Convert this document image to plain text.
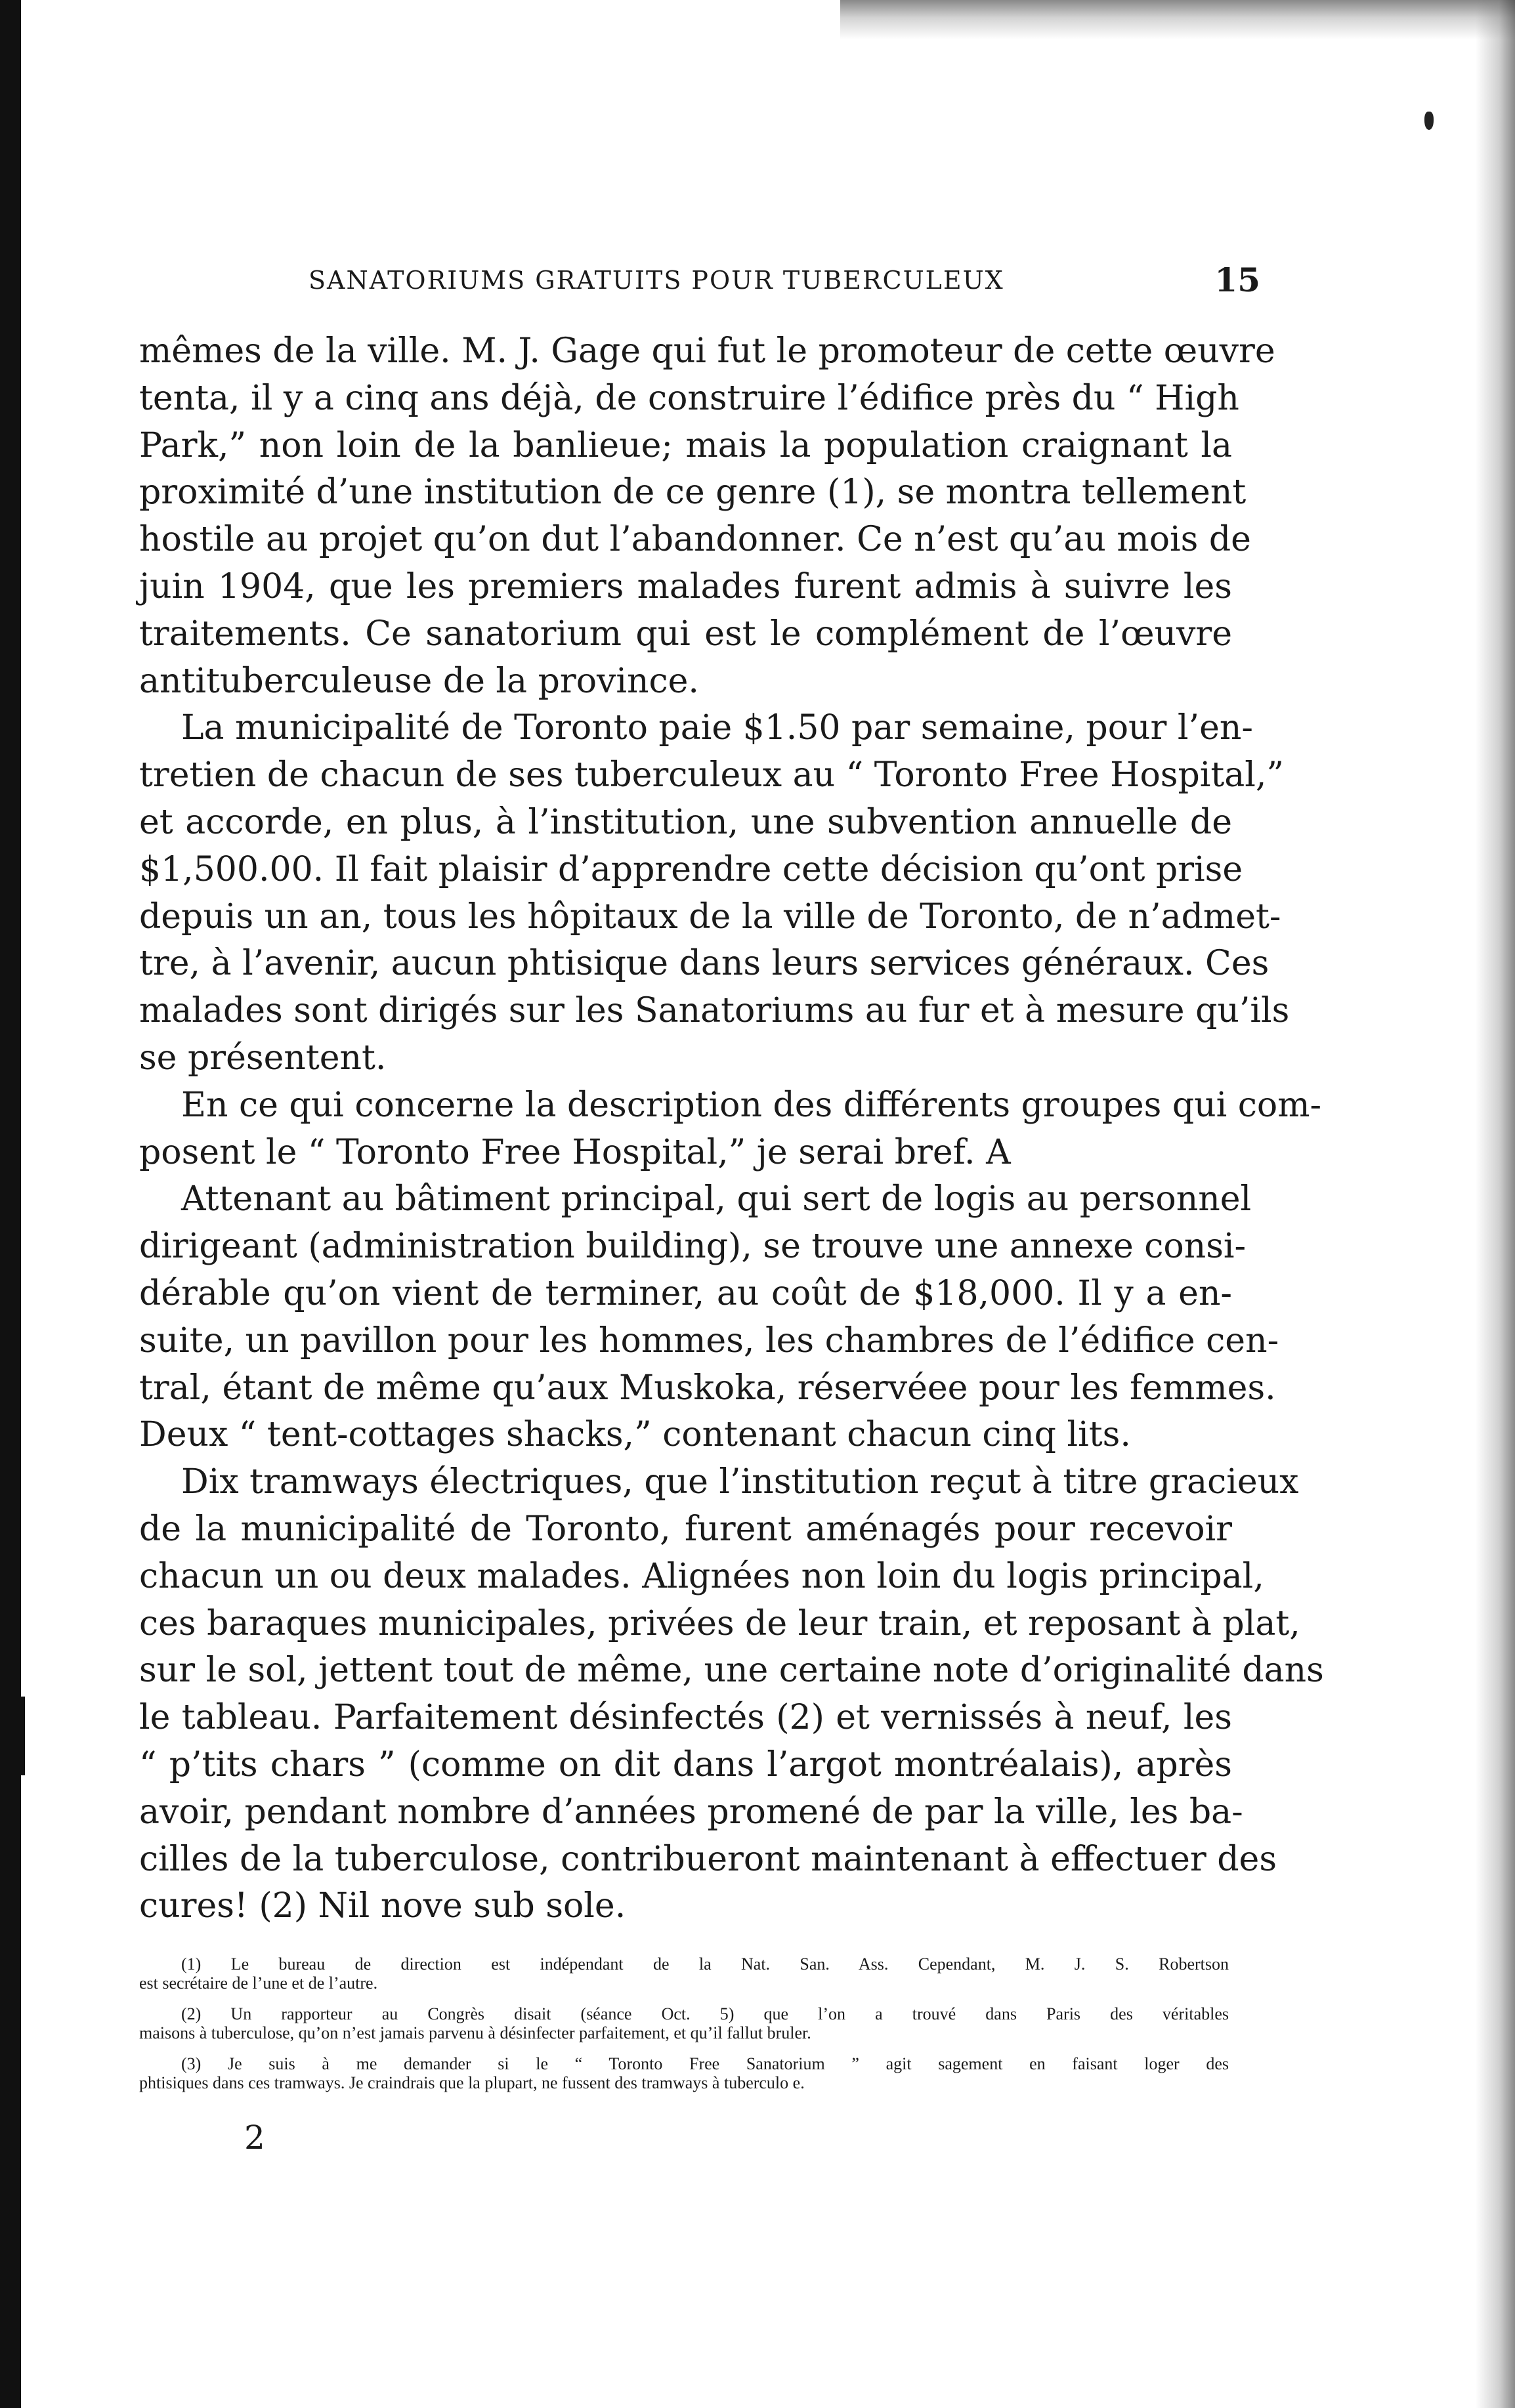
SANATORIUMS GRATUITS POUR TUBERCULEUX	15
mêmes de la ville. M. J. Gage qui fut le promoteur de cette œuvre
tenta, il y a cinq ans déjà, de construire l’édifice près du “ High
Park,” non loin de la banlieue; mais la population craignant la
proximité d’une institution de ce genre (1), se montra tellement
hostile au projet qu’on dut l’abandonner. Ce n’est qu’au mois de
juin 1904, que les premiers malades furent admis à suivre les
traitements. Ce sanatorium qui est le complément de l’œuvre
antituberculeuse de la province.
La municipalité de Toronto paie $1.50 par semaine, pour l’en-
tretien de chacun de ses tuberculeux au “ Toronto Free Hospital,”
et accorde, en plus, à l’institution, une subvention annuelle de
$1,500.00. Il fait plaisir d’apprendre cette décision qu’ont prise
depuis un an, tous les hôpitaux de la ville de Toronto, de n’admet-
tre, à l’avenir, aucun phtisique dans leurs services généraux. Ces
malades sont dirigés sur les Sanatoriums au fur et à mesure qu’ils
se présentent.
En ce qui concerne la description des différents groupes qui com-
posent le “ Toronto Free Hospital,” je serai bref. A
Attenant au bâtiment principal, qui sert de logis au personnel
dirigeant (administration building), se trouve une annexe consi-
dérable qu’on vient de terminer, au coût de $18,000. Il y a en-
suite, un pavillon pour les hommes, les chambres de l’édifice cen-
tral, étant de même qu’aux Muskoka, réservéee pour les femmes.
Deux “ tent-cottages shacks,” contenant chacun cinq lits.
Dix tramways électriques, que l’institution reçut à titre gracieux
de la municipalité de Toronto, furent aménagés pour recevoir
chacun un ou deux malades. Alignées non loin du logis principal,
ces baraques municipales, privées de leur train, et reposant à plat,
sur le sol, jettent tout de même, une certaine note d’originalité dans
le tableau. Parfaitement désinfectés (2) et vernissés à neuf, les
“ p’tits chars ” (comme on dit dans l’argot montréalais), après
avoir, pendant nombre d’années promené de par la ville, les ba-
cilles de la tuberculose, contribueront maintenant à effectuer des
cures! (2) Nil nove sub sole.
(1) Le bureau de direction est indépendant de la Nat. San. Ass. Cependant, M. J. S. Robertson
est secrétaire de l’une et de l’autre.
(2) Un rapporteur au Congrès disait (séance Oct. 5) que l’on a trouvé dans Paris des véritables
maisons à tuberculose, qu’on n’est jamais parvenu à désinfecter parfaitement, et qu’il fallut bruler.
(3) Je suis à me demander si le “ Toronto Free Sanatorium ” agit sagement en faisant loger des
phtisiques dans ces tramways. Je craindrais que la plupart, ne fussent des tramways à tuberculo e.
2
